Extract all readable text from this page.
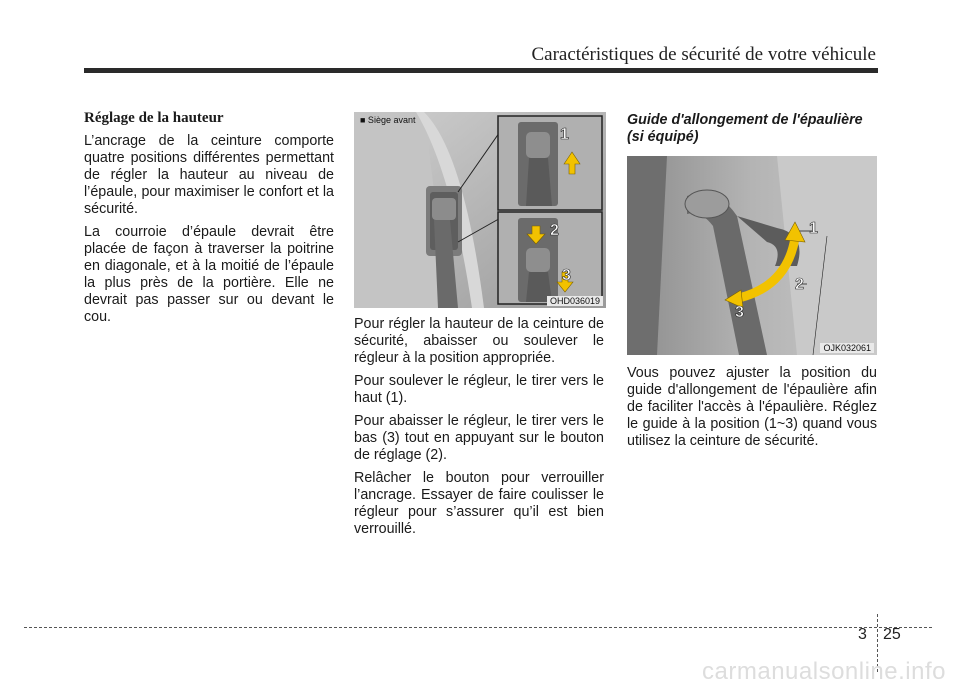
Caractéristiques de sécurité de votre véhicule
Réglage de la hauteur

L’ancrage de la ceinture comporte quatre positions différentes permettant de régler la hauteur au niveau de l’épaule, pour maximiser le confort et la sécurité.

La courroie d’épaule devrait être placée de façon à traverser la poitrine en diagonale, et à la moitié de l’épaule la plus près de la portière. Elle ne devrait pas passer sur ou devant le cou.

■ Siège avant
1
2
3
OHD036019

Pour régler la hauteur de la ceinture de sécurité, abaisser ou soulever le régleur à la position appropriée.

Pour soulever le régleur, le tirer vers le haut (1).

Pour abaisser le régleur, le tirer vers le bas (3) tout en appuyant sur le bouton de réglage (2).

Relâcher le bouton pour verrouiller l’ancrage. Essayer de faire coulisser le régleur pour s’assurer qu’il est bien verrouillé.

Guide d'allongement de l'épaulière (si équipé)
1
2
3
OJK032061

Vous pouvez ajuster la position du guide d'allongement de l'épaulière afin de faciliter l'accès à l'épaulière. Réglez le guide à la position (1~3) quand vous utilisez la ceinture de sécurité.

3 25
carmanualsonline.info
